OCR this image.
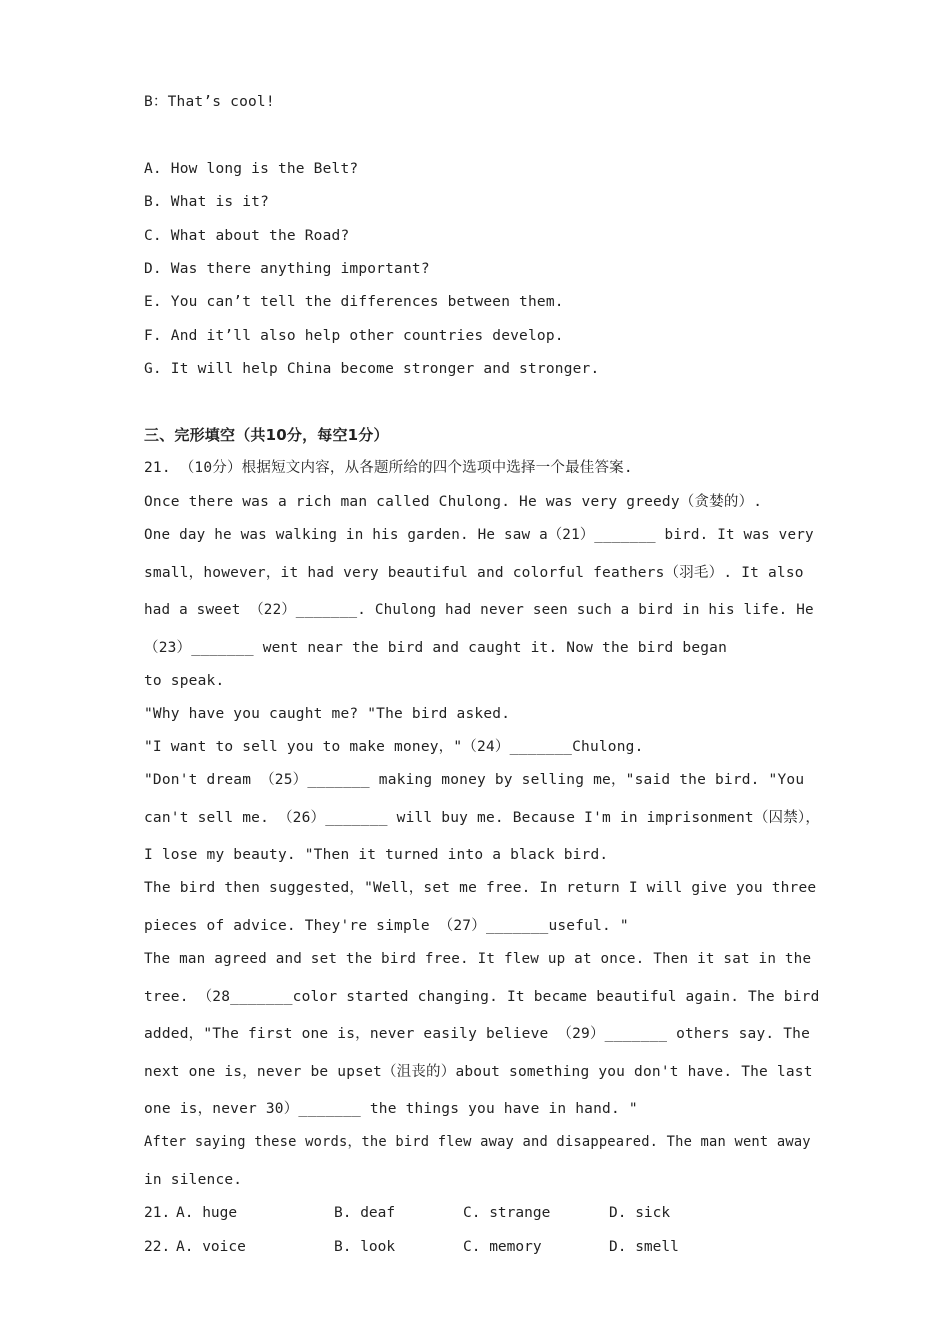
B：That’s cool!
A. How long is the Belt?
B. What is it?
C. What about the Road?
D. Was there anything important?
E. You can’t tell the differences between them.
F. And it’ll also help other countries develop.
G. It will help China become stronger and stronger.
三、完形填空（共10分，每空1分）
21. （10分）根据短文内容，从各题所给的四个选项中选择一个最佳答案.
Once there was a rich man called Chulong. He was very greedy（贪婪的）.
One day he was walking in his garden. He saw a（21）_______ bird. It was very
small，however，it had very beautiful and colorful feathers（羽毛）. It also
had a sweet （22）_______. Chulong had never seen such a bird in his life. He
（23）_______ went near the bird and caught it. Now the bird began
to speak.
"Why have you caught me? "The bird asked.
"I want to sell you to make money，"（24）_______Chulong.
"Don't dream （25）_______ making money by selling me，"said the bird. "You
can't sell me. （26）_______ will buy me. Because I'm in imprisonment（囚禁），
I lose my beauty. "Then it turned into a black bird.
The bird then suggested，"Well，set me free. In return I will give you three
pieces of advice. They're simple （27）_______useful. "
The man agreed and set the bird free. It flew up at once. Then it sat in the
tree. （28_______color started changing. It became beautiful again. The bird
added，"The first one is，never easily believe （29）_______ others say. The
next one is，never be upset（沮丧的）about something you don't have. The last
one is，never 30）_______ the things you have in hand. "
After saying these words，the bird flew away and disappeared. The man went away
in silence.
21. A. huge	B. deaf	C. strange	D. sick
22. A. voice	B. look	C. memory	D. smell
